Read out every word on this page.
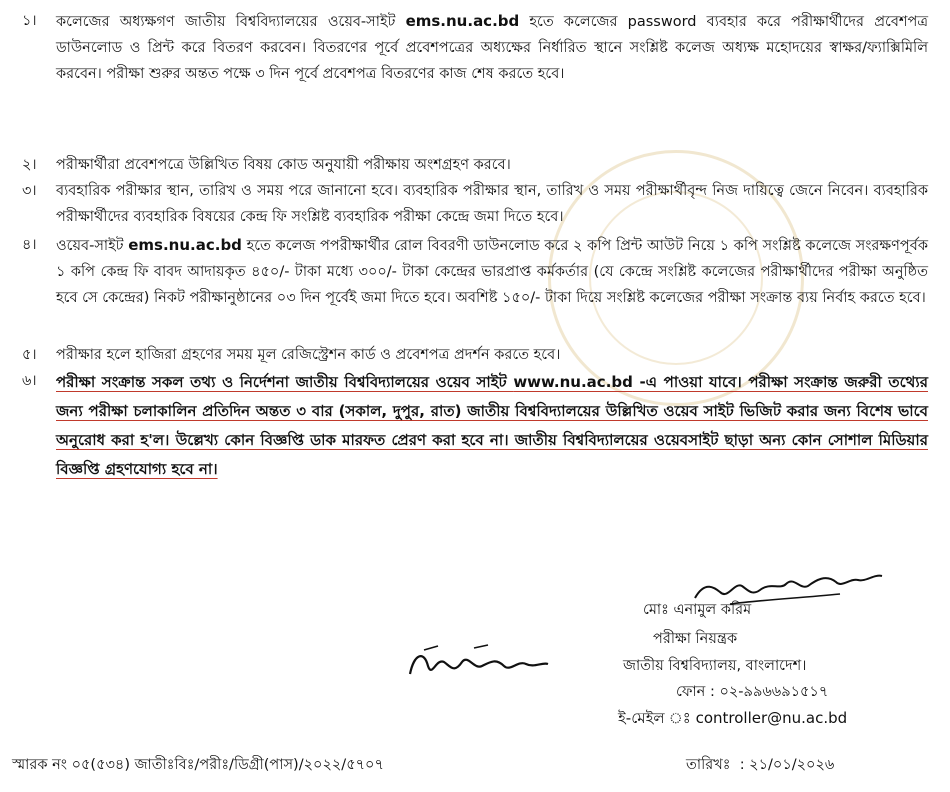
১।	কলেজের অধ্যক্ষগণ জাতীয় বিশ্ববিদ্যালয়ের ওয়েব-সাইট ems.nu.ac.bd হতে কলেজের password ব্যবহার করে পরীক্ষার্থীদের প্রবেশপত্র ডাউনলোড ও প্রিন্ট করে বিতরণ করবেন। বিতরণের পূর্বে প্রবেশপত্রের অধ্যক্ষের নির্ধারিত স্থানে সংশ্লিষ্ট কলেজ অধ্যক্ষ মহোদয়ের স্বাক্ষর/ফ্যাক্সিমিলি করবেন। পরীক্ষা শুরুর অন্তত পক্ষে ৩ দিন পূর্বে প্রবেশপত্র বিতরণের কাজ শেষ করতে হবে।
২।	পরীক্ষার্থীরা প্রবেশপত্রে উল্লিখিত বিষয় কোড অনুযায়ী পরীক্ষায় অংশগ্রহণ করবে।
৩।	ব্যবহারিক পরীক্ষার স্থান, তারিখ ও সময় পরে জানানো হবে। ব্যবহারিক পরীক্ষার স্থান, তারিখ ও সময় পরীক্ষার্থীবৃন্দ নিজ দায়িত্বে জেনে নিবেন। ব্যবহারিক পরীক্ষার্থীদের ব্যবহারিক বিষয়ের কেন্দ্র ফি সংশ্লিষ্ট ব্যবহারিক পরীক্ষা কেন্দ্রে জমা দিতে হবে।
৪।	ওয়েব-সাইট ems.nu.ac.bd হতে কলেজ পপরীক্ষার্থীর রোল বিবরণী ডাউনলোড করে ২ কপি প্রিন্ট আউট নিয়ে ১ কপি সংশ্লিষ্ট কলেজে সংরক্ষণপূর্বক ১ কপি কেন্দ্র ফি বাবদ আদায়কৃত ৪৫০/- টাকা মধ্যে ৩০০/- টাকা কেন্দ্রের ভারপ্রাপ্ত কর্মকর্তার (যে কেন্দ্রে সংশ্লিষ্ট কলেজের পরীক্ষার্থীদের পরীক্ষা অনুষ্ঠিত হবে সে কেন্দ্রের) নিকট পরীক্ষানুষ্ঠানের ০৩ দিন পূর্বেই জমা দিতে হবে। অবশিষ্ট ১৫০/- টাকা দিয়ে সংশ্লিষ্ট কলেজের পরীক্ষা সংক্রান্ত ব্যয় নির্বাহ করতে হবে।
৫।	পরীক্ষার হলে হাজিরা গ্রহণের সময় মূল রেজিস্ট্রেশন কার্ড ও প্রবেশপত্র প্রদর্শন করতে হবে।
৬।	পরীক্ষা সংক্রান্ত সকল তথ্য ও নির্দেশনা জাতীয় বিশ্ববিদ্যালয়ের ওয়েব সাইট www.nu.ac.bd -এ পাওয়া যাবে। পরীক্ষা সংক্রান্ত জরুরী তথ্যের জন্য পরীক্ষা চলাকালিন প্রতিদিন অন্তত ৩ বার (সকাল, দুপুর, রাত) জাতীয় বিশ্ববিদ্যালয়ের উল্লিখিত ওয়েব সাইট ভিজিট করার জন্য বিশেষ ভাবে অনুরোধ করা হ'ল। উল্লেখ্য কোন বিজ্ঞপ্তি ডাক মারফত প্রেরণ করা হবে না। জাতীয় বিশ্ববিদ্যালয়ের ওয়েবসাইট ছাড়া অন্য কোন সোশাল মিডিয়ার বিজ্ঞপ্তি গ্রহণযোগ্য হবে না।
মোঃ এনামুল করিম
পরীক্ষা নিয়ন্ত্রক
জাতীয় বিশ্ববিদ্যালয়, বাংলাদেশ।
ফোন : ০২-৯৯৬৬৯১৫১৭
ই-মেইল ঃ controller@nu.ac.bd
স্মারক নং ০৫(৫৩৪) জাতীঃবিঃ/পরীঃ/ডিগ্রী(পাস)/২০২২/৫৭০৭	তারিখঃ : ২১/০১/২০২৬
